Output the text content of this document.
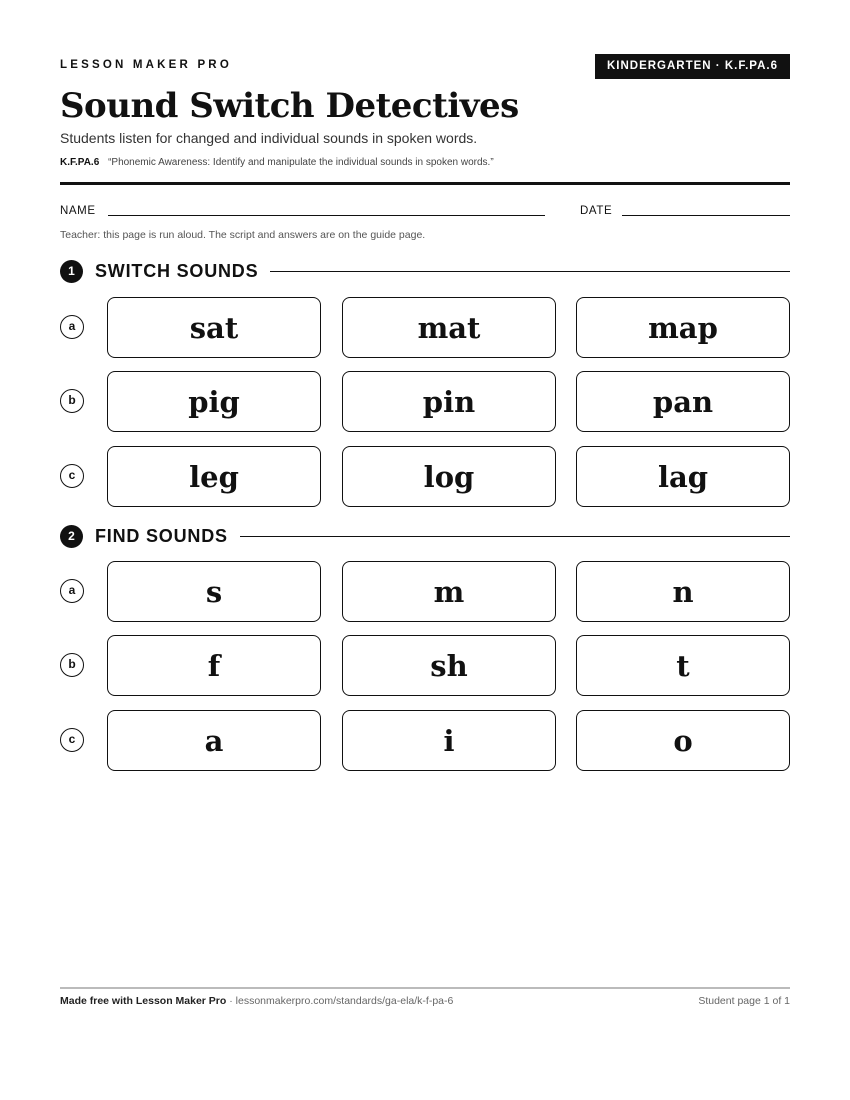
LESSON MAKER PRO	KINDERGARTEN · K.F.PA.6
Sound Switch Detectives
Students listen for changed and individual sounds in spoken words.
K.F.PA.6 “Phonemic Awareness: Identify and manipulate the individual sounds in spoken words.”
NAME	DATE
Teacher: this page is run aloud. The script and answers are on the guide page.
1	SWITCH SOUNDS
a	sat	mat	map
b	pig	pin	pan
c	leg	log	lag
2	FIND SOUNDS
a	s	m	n
b	f	sh	t
c	a	i	o
Made free with Lesson Maker Pro · lessonmakerpro.com/standards/ga-ela/k-f-pa-6	Student page 1 of 1
